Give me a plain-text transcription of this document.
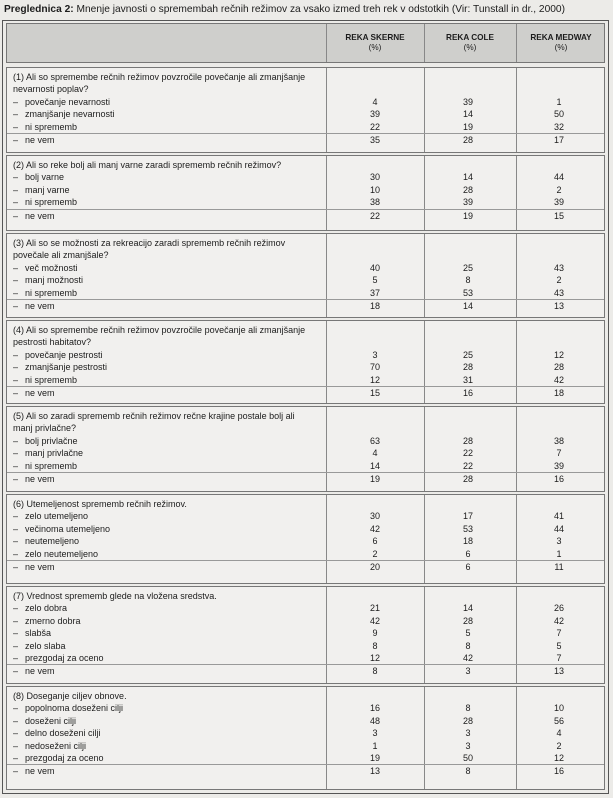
Preglednica 2: Mnenje javnosti o spremembah rečnih režimov za vsako izmed treh rek v odstotkih (Vir: Tunstall in dr., 2000)
REKA SKERNE
(%)
REKA COLE
(%)
REKA MEDWAY
(%)
(1) Ali so spremembe rečnih režimov povzročile povečanje ali zmanjšanje nevarnosti poplav?
– povečanje nevarnosti	4	39	1
– zmanjšanje nevarnosti	39	14	50
– ni sprememb	22	19	32
– ne vem	35	28	17
(2) Ali so reke bolj ali manj varne zaradi sprememb rečnih režimov?
– bolj varne	30	14	44
– manj varne	10	28	2
– ni sprememb	38	39	39
– ne vem	22	19	15
(3) Ali so se možnosti za rekreacijo zaradi sprememb rečnih režimov povečale ali zmanjšale?
– več možnosti	40	25	43
– manj možnosti	5	8	2
– ni sprememb	37	53	43
– ne vem	18	14	13
(4) Ali so spremembe rečnih režimov povzročile povečanje ali zmanjšanje pestrosti habitatov?
– povečanje pestrosti	3	25	12
– zmanjšanje pestrosti	70	28	28
– ni sprememb	12	31	42
– ne vem	15	16	18
(5) Ali so zaradi sprememb rečnih režimov rečne krajine postale bolj ali manj privlačne?
– bolj privlačne	63	28	38
– manj privlačne	4	22	7
– ni sprememb	14	22	39
– ne vem	19	28	16
(6) Utemeljenost sprememb rečnih režimov.
– zelo utemeljeno	30	17	41
– večinoma utemeljeno	42	53	44
– neutemeljeno	6	18	3
– zelo neutemeljeno	2	6	1
– ne vem	20	6	11
(7) Vrednost sprememb glede na vložena sredstva.
– zelo dobra	21	14	26
– zmerno dobra	42	28	42
– slabša	9	5	7
– zelo slaba	8	8	5
– prezgodaj za oceno	12	42	7
– ne vem	8	3	13
(8) Doseganje ciljev obnove.
– popolnoma doseženi cilji	16	8	10
– doseženi cilji	48	28	56
– delno doseženi cilji	3	3	4
– nedoseženi cilji	1	3	2
– prezgodaj za oceno	19	50	12
– ne vem	13	8	16
